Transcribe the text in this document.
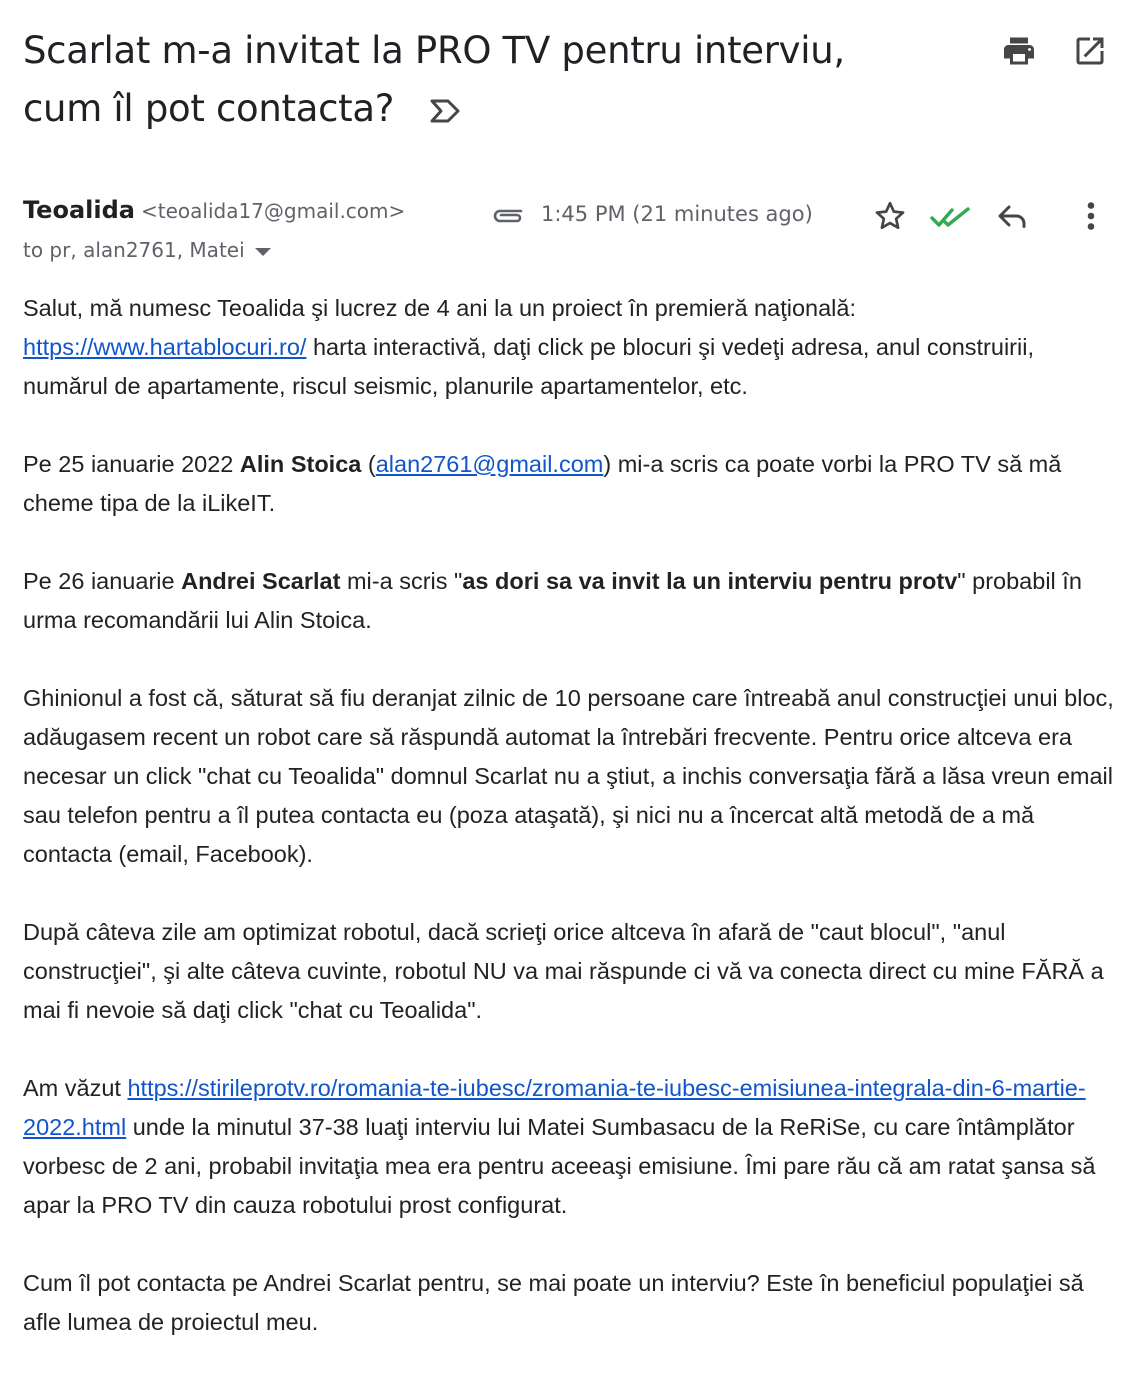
Scarlat m-a invitat la PRO TV pentru interviu,
cum îl pot contacta?
Teoalida <teoalida17@gmail.com>
to pr, alan2761, Matei
1:45 PM (21 minutes ago)

Salut, mă numesc Teoalida şi lucrez de 4 ani la un proiect în premieră naţională:
https://www.hartablocuri.ro/ harta interactivă, daţi click pe blocuri şi vedeţi adresa, anul construirii, numărul de apartamente, riscul seismic, planurile apartamentelor, etc.

Pe 25 ianuarie 2022 Alin Stoica (alan2761@gmail.com) mi-a scris ca poate vorbi la PRO TV să mă cheme tipa de la iLikeIT.

Pe 26 ianuarie Andrei Scarlat mi-a scris "as dori sa va invit la un interviu pentru protv" probabil în urma recomandării lui Alin Stoica.

Ghinionul a fost că, săturat să fiu deranjat zilnic de 10 persoane care întreabă anul construcţiei unui bloc, adăugasem recent un robot care să răspundă automat la întrebări frecvente. Pentru orice altceva era necesar un click "chat cu Teoalida" domnul Scarlat nu a ştiut, a inchis conversaţia fără a lăsa vreun email sau telefon pentru a îl putea contacta eu (poza ataşată), şi nici nu a încercat altă metodă de a mă contacta (email, Facebook).

După câteva zile am optimizat robotul, dacă scrieţi orice altceva în afară de "caut blocul", "anul construcţiei", şi alte câteva cuvinte, robotul NU va mai răspunde ci vă va conecta direct cu mine FĂRĂ a mai fi nevoie să daţi click "chat cu Teoalida".

Am văzut https://stirileprotv.ro/romania-te-iubesc/zromania-te-iubesc-emisiunea-integrala-din-6-martie-2022.html unde la minutul 37-38 luaţi interviu lui Matei Sumbasacu de la ReRiSe, cu care întâmplător vorbesc de 2 ani, probabil invitaţia mea era pentru aceeaşi emisiune. Îmi pare rău că am ratat şansa să apar la PRO TV din cauza robotului prost configurat.

Cum îl pot contacta pe Andrei Scarlat pentru, se mai poate un interviu? Este în beneficiul populaţiei să afle lumea de proiectul meu.
